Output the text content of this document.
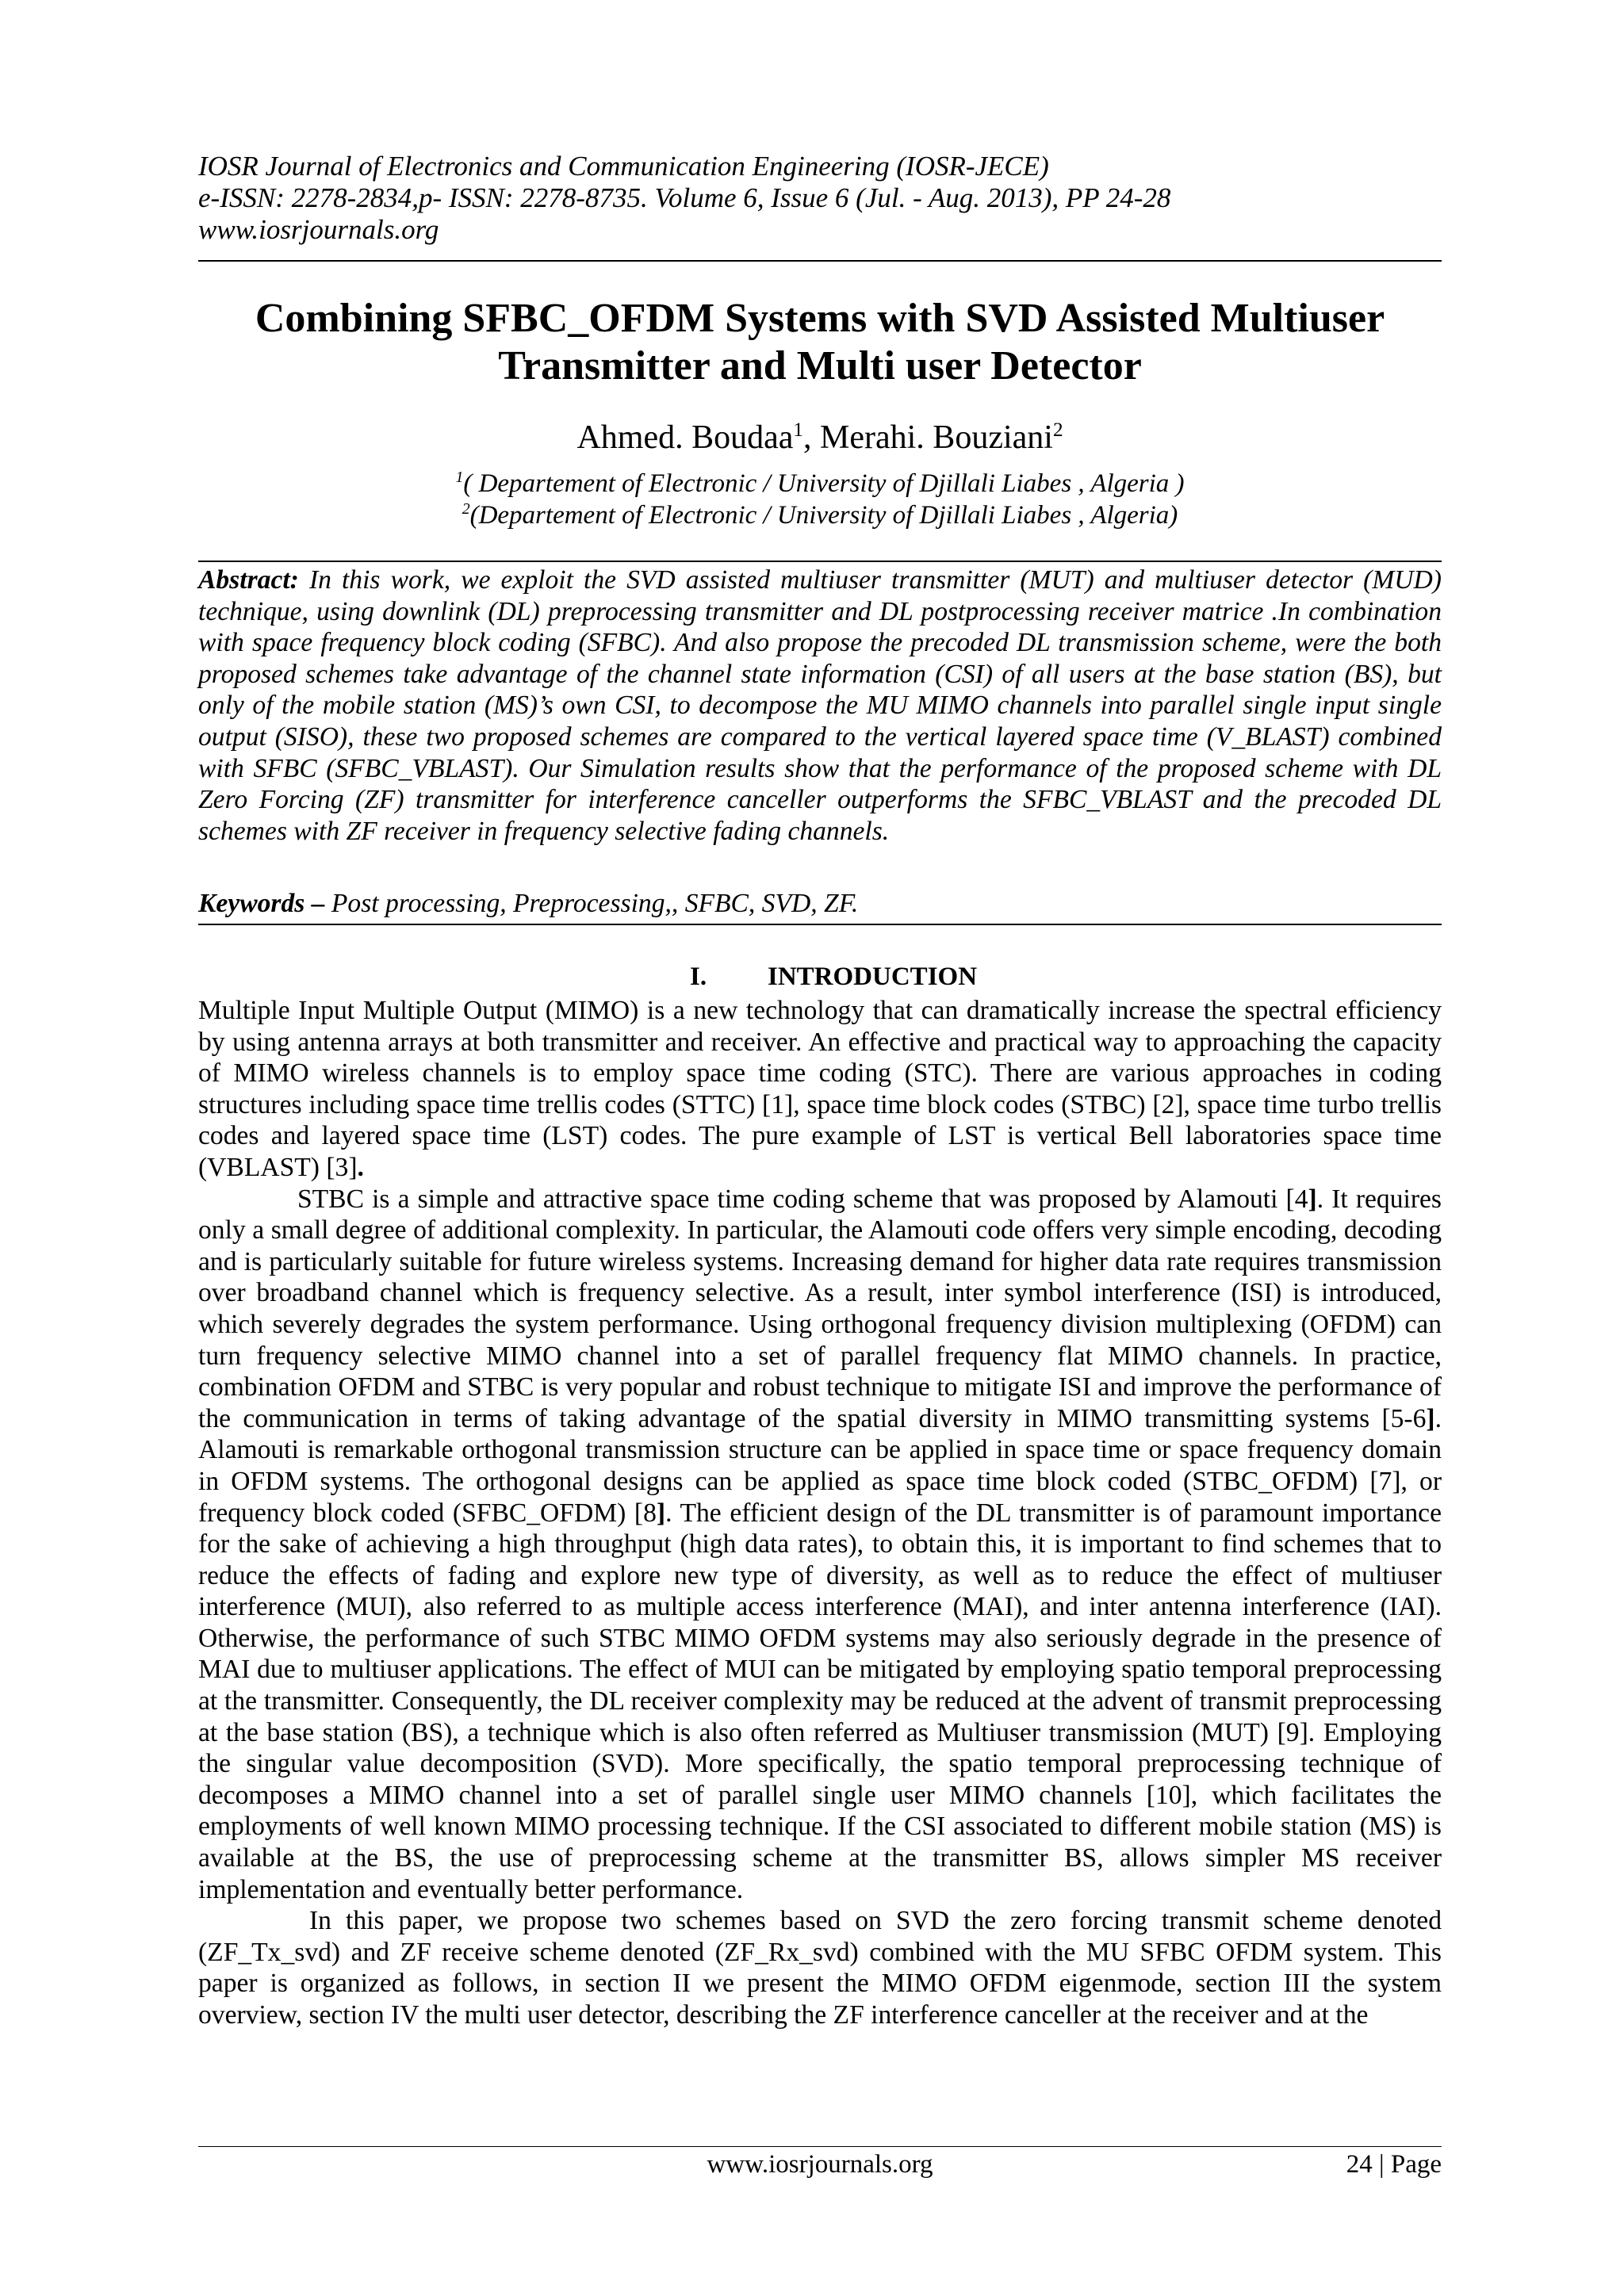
IOSR Journal of Electronics and Communication Engineering (IOSR-JECE)
e-ISSN: 2278-2834,p- ISSN: 2278-8735. Volume 6, Issue 6 (Jul. - Aug. 2013), PP 24-28
www.iosrjournals.org
Combining SFBC_OFDM Systems with SVD Assisted Multiuser
Transmitter and Multi user Detector
Ahmed. Boudaa$^1$, Merahi. Bouziani$^2$
$^1$( Departement of Electronic / University of Djillali Liabes , Algeria )
$^2$(Departement of Electronic / University of Djillali Liabes , Algeria)
Abstract: In this work, we exploit the SVD assisted multiuser transmitter (MUT) and multiuser detector (MUD) technique, using downlink (DL) preprocessing transmitter and DL postprocessing receiver matrice .In combination with space frequency block coding (SFBC). And also propose the precoded DL transmission scheme, were the both proposed schemes take advantage of the channel state information (CSI) of all users at the base station (BS), but only of the mobile station (MS)’s own CSI, to decompose the MU MIMO channels into parallel single input single output (SISO), these two proposed schemes are compared to the vertical layered space time (V_BLAST) combined with SFBC (SFBC_VBLAST). Our Simulation results show that the performance of the proposed scheme with DL Zero Forcing (ZF) transmitter for interference canceller outperforms the SFBC_VBLAST and the precoded DL schemes with ZF receiver in frequency selective fading channels.
Keywords – Post processing, Preprocessing,, SFBC, SVD, ZF.
I. INTRODUCTION

Multiple Input Multiple Output (MIMO) is a new technology that can dramatically increase the spectral efficiency by using antenna arrays at both transmitter and receiver. An effective and practical way to approaching the capacity of MIMO wireless channels is to employ space time coding (STC). There are various approaches in coding structures including space time trellis codes (STTC) [1], space time block codes (STBC) [2], space time turbo trellis codes and layered space time (LST) codes. The pure example of LST is vertical Bell laboratories space time (VBLAST) [3].

STBC is a simple and attractive space time coding scheme that was proposed by Alamouti [4]. It requires only a small degree of additional complexity. In particular, the Alamouti code offers very simple encoding, decoding and is particularly suitable for future wireless systems. Increasing demand for higher data rate requires transmission over broadband channel which is frequency selective. As a result, inter symbol interference (ISI) is introduced, which severely degrades the system performance. Using orthogonal frequency division multiplexing (OFDM) can turn frequency selective MIMO channel into a set of parallel frequency flat MIMO channels. In practice, combination OFDM and STBC is very popular and robust technique to mitigate ISI and improve the performance of the communication in terms of taking advantage of the spatial diversity in MIMO transmitting systems [5-6]. Alamouti is remarkable orthogonal transmission structure can be applied in space time or space frequency domain in OFDM systems. The orthogonal designs can be applied as space time block coded (STBC_OFDM) [7], or frequency block coded (SFBC_OFDM) [8]. The efficient design of the DL transmitter is of paramount importance for the sake of achieving a high throughput (high data rates), to obtain this, it is important to find schemes that to reduce the effects of fading and explore new type of diversity, as well as to reduce the effect of multiuser interference (MUI), also referred to as multiple access interference (MAI), and inter antenna interference (IAI). Otherwise, the performance of such STBC MIMO OFDM systems may also seriously degrade in the presence of MAI due to multiuser applications. The effect of MUI can be mitigated by employing spatio temporal preprocessing at the transmitter. Consequently, the DL receiver complexity may be reduced at the advent of transmit preprocessing at the base station (BS), a technique which is also often referred as Multiuser transmission (MUT) [9]. Employing the singular value decomposition (SVD). More specifically, the spatio temporal preprocessing technique of decomposes a MIMO channel into a set of parallel single user MIMO channels [10], which facilitates the employments of well known MIMO processing technique. If the CSI associated to different mobile station (MS) is available at the BS, the use of preprocessing scheme at the transmitter BS, allows simpler MS receiver implementation and eventually better performance.

In this paper, we propose two schemes based on SVD the zero forcing transmit scheme denoted (ZF_Tx_svd) and ZF receive scheme denoted (ZF_Rx_svd) combined with the MU SFBC OFDM system. This paper is organized as follows, in section II we present the MIMO OFDM eigenmode, section III the system overview, section IV the multi user detector, describing the ZF interference canceller at the receiver and at the

www.iosrjournals.org	24 | Page
